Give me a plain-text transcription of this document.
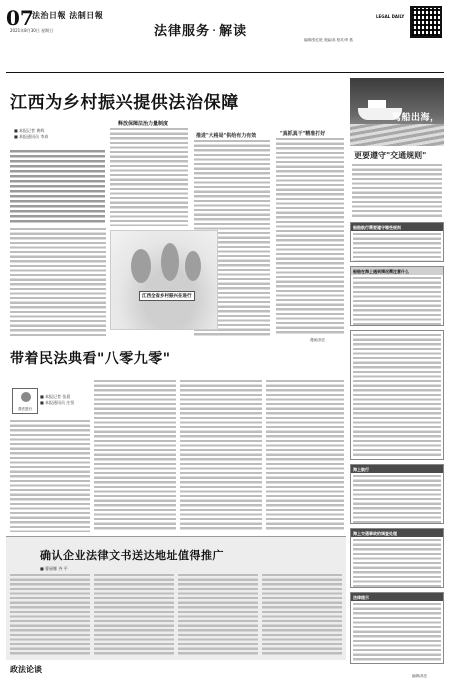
07
法治日報 法制日報
2021年8月30日 星期日	法律服务 · 解读
编辑/张红艳 美编/高 校对/李 燕
LEGAL DAILY
江西为乡村振兴提供法治保障
■ 本报记者 黄辉
■ 本报通讯员 李真
释放保障法治力量制度
推进"大格局"供给有力有效	"真抓真干"精准打好
江西全省乡村振兴在进行
漫画/高岳
带着民法典看"八零九零"
普法进行
■ 本报记者 张晨
■ 本报通讯员 庄恒
确认企业法律文书送达地址值得推广
■ 曹丽娜 齐 平
政法论谈
驾船出海，
更要遵守"交通规则"
船舶航行需要遵守哪些规则
船舶在海上遇到情况需注意什么
海上航行
海上交通事故的调查处理
法律提示
编辑/高岳
